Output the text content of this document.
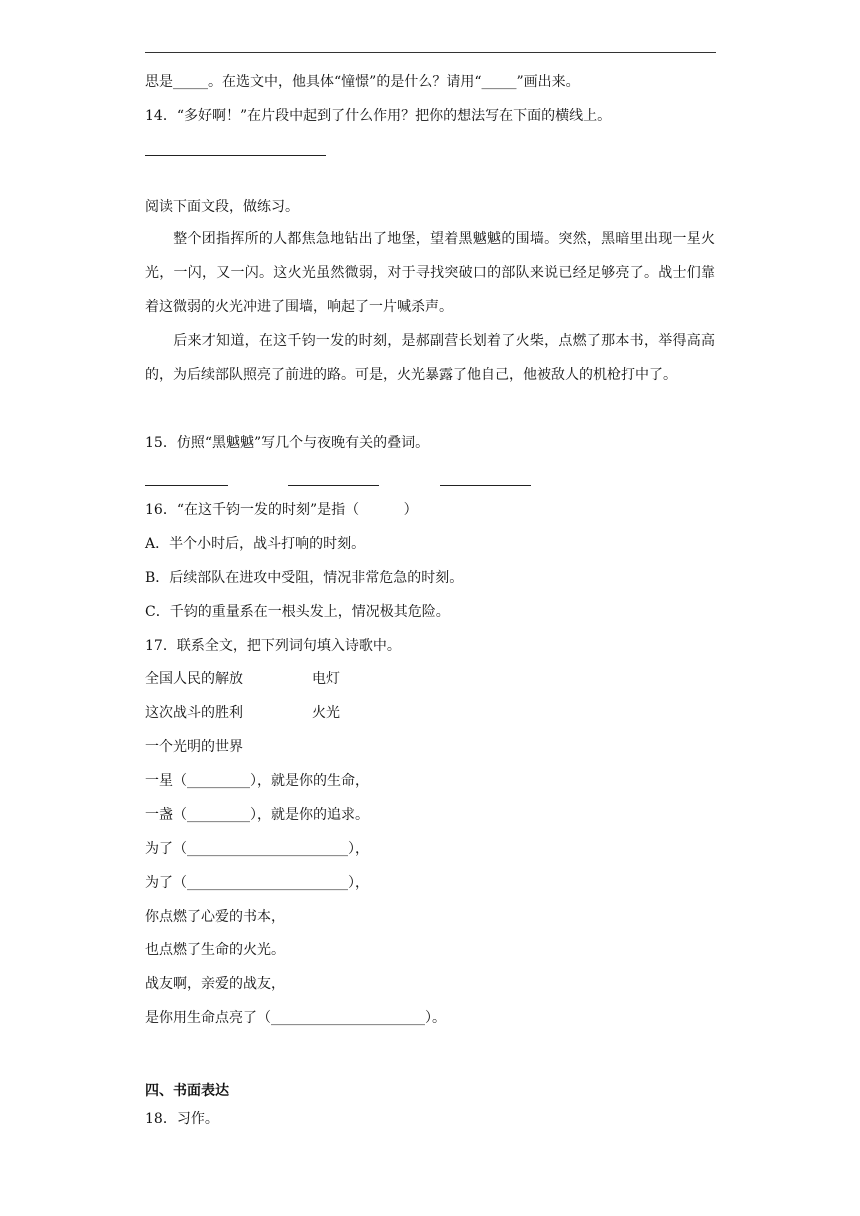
思是_____。在选文中，他具体“憧憬”的是什么？请用“_____”画出来。
14．“多好啊！”在片段中起到了什么作用？把你的想法写在下面的横线上。
阅读下面文段，做练习。
整个团指挥所的人都焦急地钻出了地堡，望着黑魆魆的围墙。突然，黑暗里出现一星火光，一闪，又一闪。这火光虽然微弱，对于寻找突破口的部队来说已经足够亮了。战士们靠着这微弱的火光冲进了围墙，响起了一片喊杀声。
后来才知道，在这千钧一发的时刻，是郝副营长划着了火柴，点燃了那本书，举得高高的，为后续部队照亮了前进的路。可是，火光暴露了他自己，他被敌人的机枪打中了。
15．仿照“黑魆魆”写几个与夜晚有关的叠词。
16．“在这千钧一发的时刻”是指（          ）
A．半个小时后，战斗打响的时刻。
B．后续部队在进攻中受阻，情况非常危急的时刻。
C．千钧的重量系在一根头发上，情况极其危险。
17．联系全文，把下列词句填入诗歌中。
全国人民的解放	电灯
这次战斗的胜利	火光
一个光明的世界
一星（_________），就是你的生命，
一盏（_________），就是你的追求。
为了（_______________________），
为了（_______________________），
你点燃了心爱的书本，
也点燃了生命的火光。
战友啊，亲爱的战友，
是你用生命点亮了（______________________）。
四、书面表达
18．习作。
